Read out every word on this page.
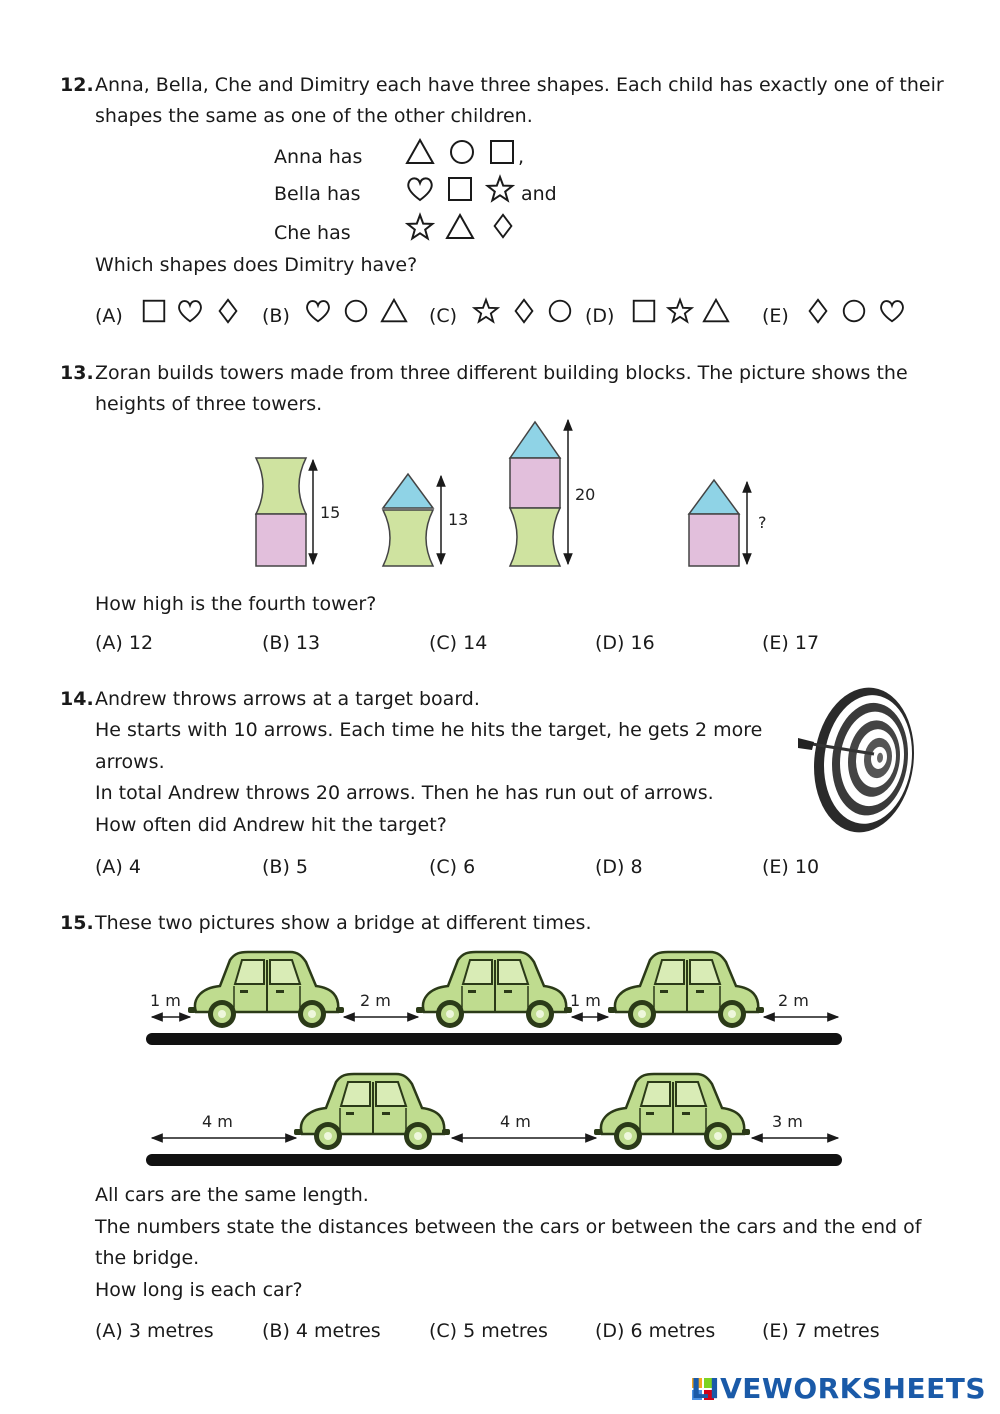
12. Anna, Bella, Che and Dimitry each have three shapes. Each child has exactly one of their
shapes the same as one of the other children.
Anna has	,
Bella has	and
Che has
Which shapes does Dimitry have?
(A)	(B)	(C)	(D)	(E)
13. Zoran builds towers made from three different building blocks. The picture shows the
heights of three towers.
15	13
20
?
How high is the fourth tower?
(A) 12	(B) 13	(C) 14	(D) 16	(E) 17
14. Andrew throws arrows at a target board.
He starts with 10 arrows. Each time he hits the target, he gets 2 more
arrows.
In total Andrew throws 20 arrows. Then he has run out of arrows.
How often did Andrew hit the target?
(A) 4	(B) 5	(C) 6	(D) 8	(E) 10
15. These two pictures show a bridge at different times.
1 m	2 m	1 m	2 m
4 m	4 m	3 m
All cars are the same length.
The numbers state the distances between the cars or between the cars and the end of
the bridge.
How long is each car?
(A) 3 metres	(B) 4 metres	(C) 5 metres (D) 6 metres (E) 7 metres
LIVEWORKSHEETS
